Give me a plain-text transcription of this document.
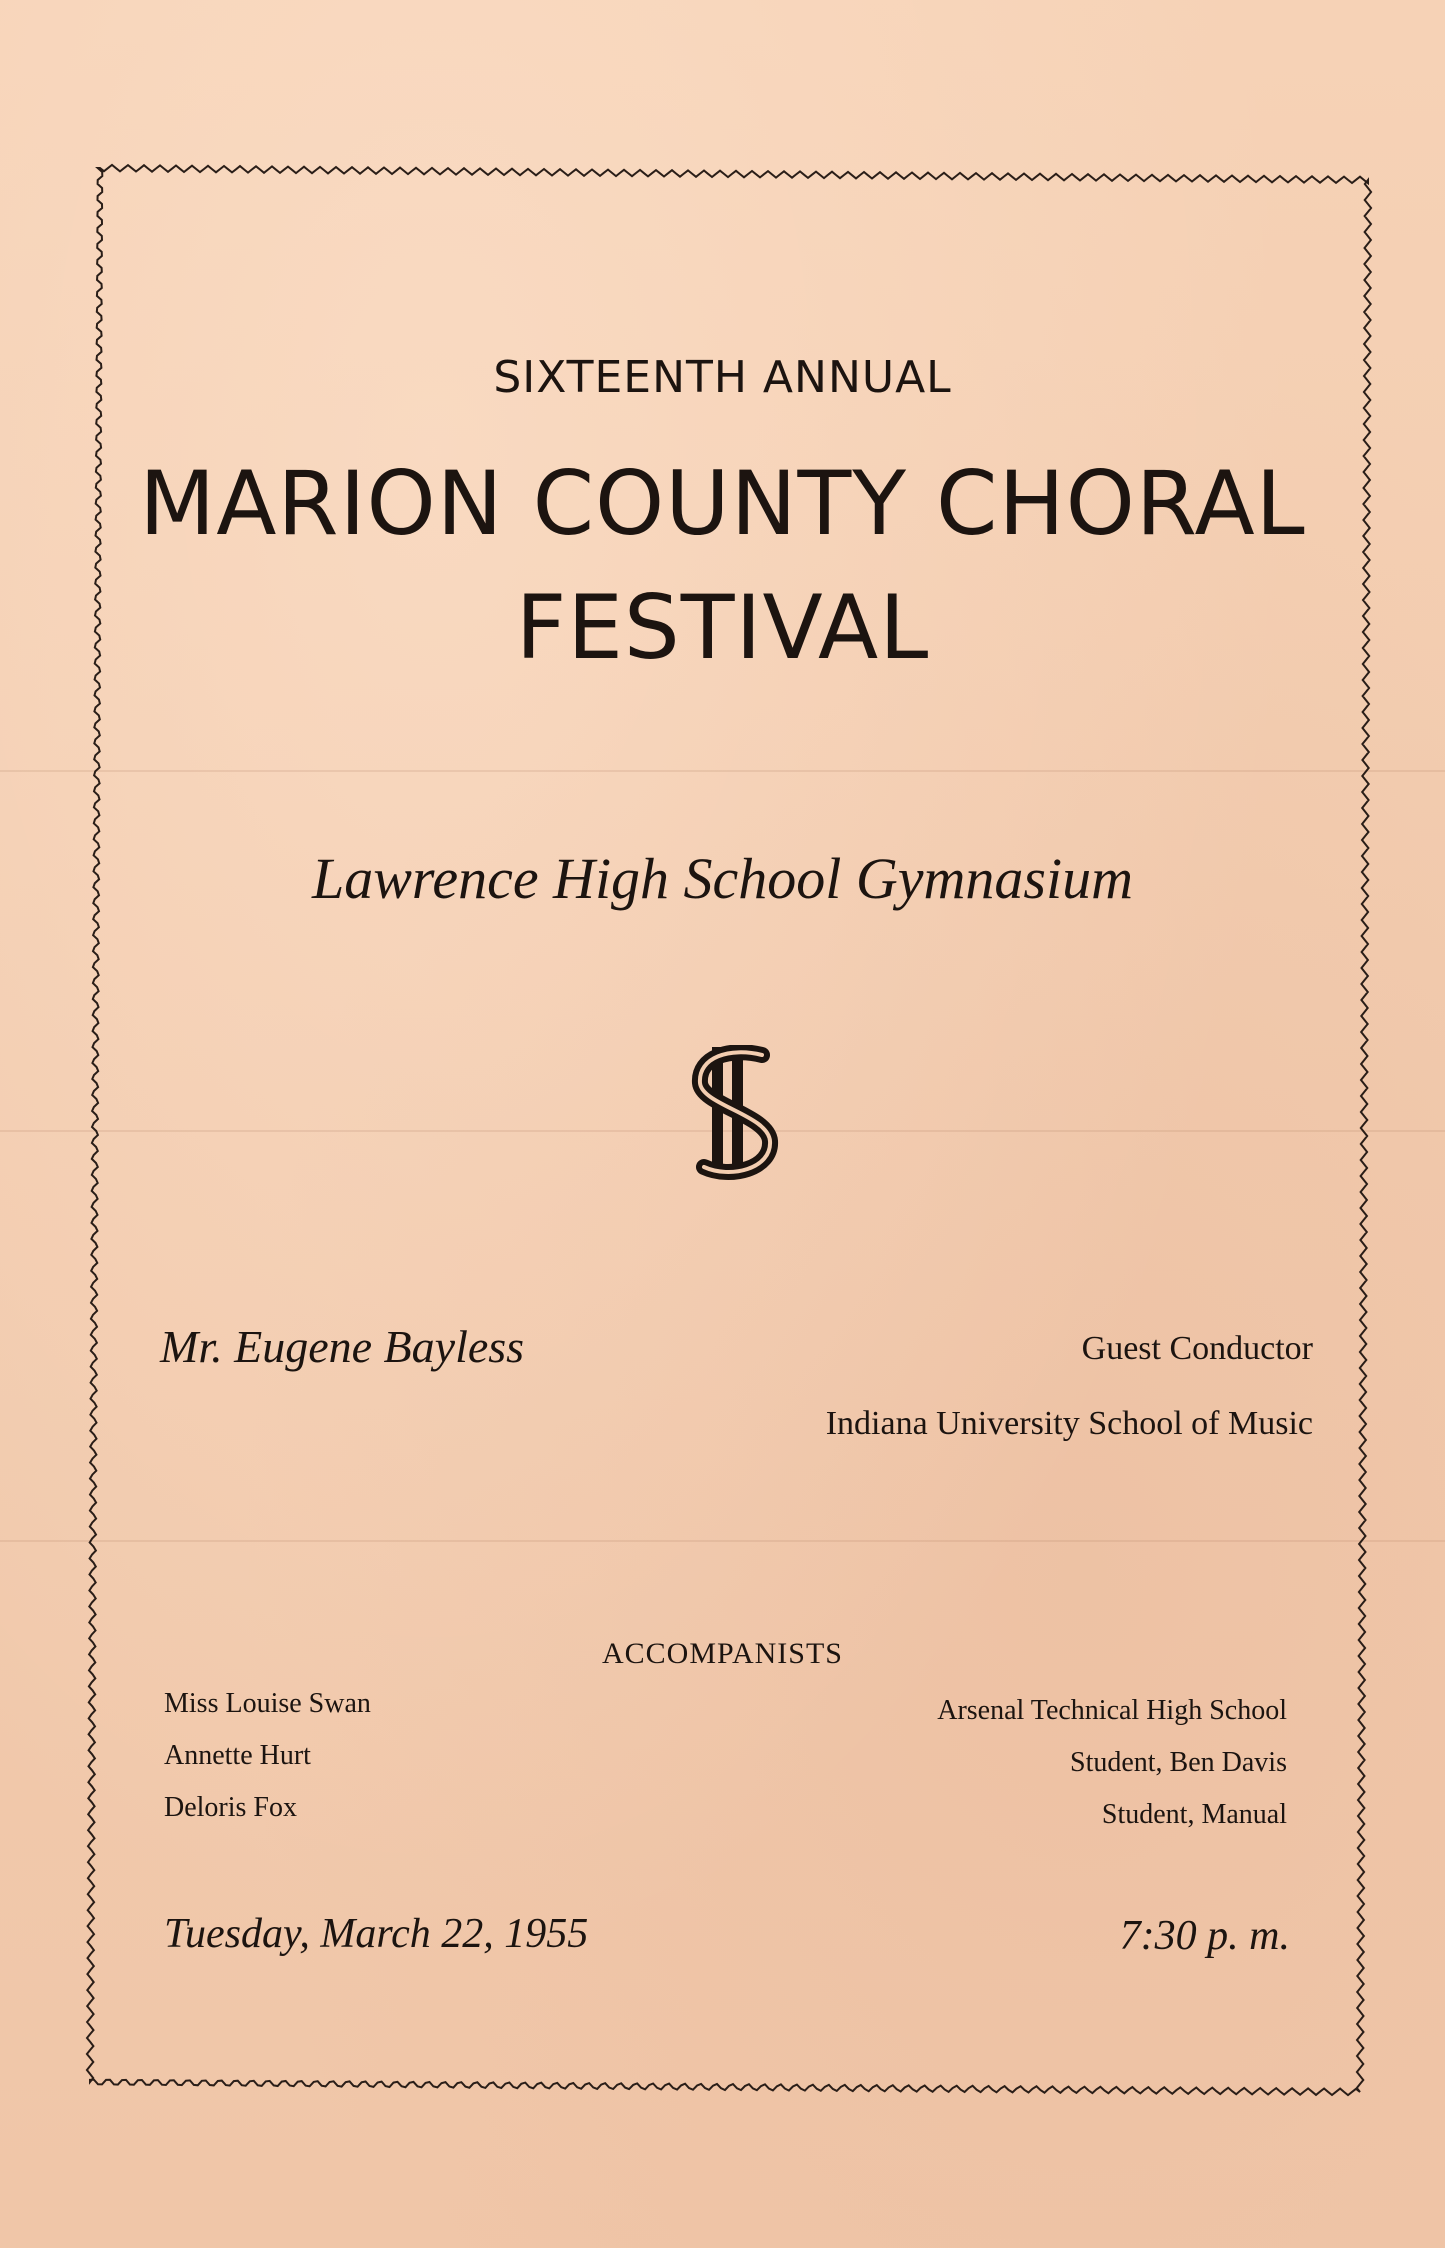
SIXTEENTH ANNUAL
MARION COUNTY CHORAL
FESTIVAL
Lawrence High School Gymnasium
Mr. Eugene Bayless	Guest Conductor
Indiana University School of Music
ACCOMPANISTS
Miss Louise Swan
Annette Hurt
Deloris Fox
Arsenal Technical High School
Student, Ben Davis
Student, Manual
Tuesday, March 22, 1955	7:30 p. m.
